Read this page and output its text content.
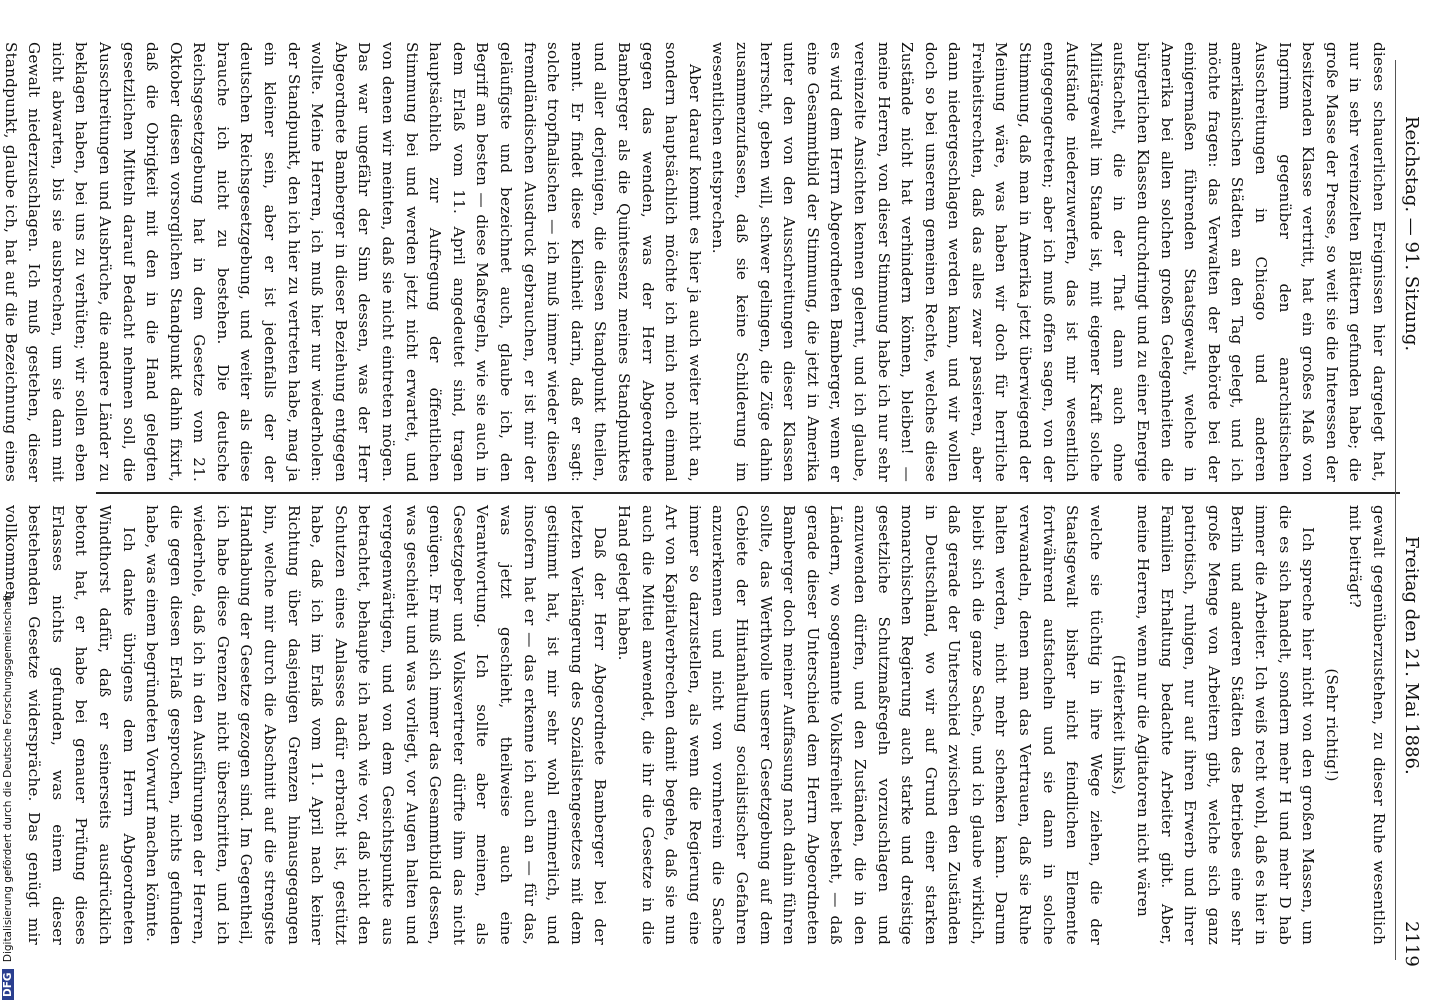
DFG Digitalisierung gefördert durch die Deutsche Forschungsgemeinschaft
Reichstag. — 91. Sitzung.
Freitag den 21. Mai 1886.
2119

dieses schauerlichen Ereignissen hier dargelegt hat, nur in sehr vereinzelten Blättern gefunden habe; die große Masse der Presse, so weit sie die Interessen der besitzenden Klasse vertritt, hat ein großes Maß von Ingrimm gegenüber den anarchistischen Ausschreitungen in Chicago und anderen amerikanischen Städten an den Tag gelegt, und ich möchte fragen: das Verwalten der Behörde bei der einigermaßen führenden Staatsgewalt, welche in Amerika bei allen solchen großen Gelegenheiten die bürgerlichen Klassen durchdringt und zu einer Energie aufstachelt, die in der That dann auch ohne Militärgewalt im Stande ist, mit eigener Kraft solche Aufstände niederzuwerfen, das ist mir wesentlich entgegengetreten; aber ich muß offen sagen, von der Stimmung, daß man in Amerika jetzt überwiegend der Meinung wäre, was haben wir doch für herrliche Freiheitsrechten, daß das alles zwar passieren, aber dann niedergeschlagen werden kann, und wir wollen doch so bei unserem gemeinen Rechte, welches diese Zustände nicht hat verhindern können, bleiben! — meine Herren, von dieser Stimmung habe ich nur sehr vereinzelte Ansichten kennen gelernt, und ich glaube, es wird dem Herrn Abgeordneten Bamberger, wenn er eine Gesammtbild der Stimmung, die jetzt in Amerika unter den von den Ausschreitungen dieser Klassen herrscht, geben will, schwer gelingen, die Züge dahin zusammenzufassen, daß sie keine Schilderung im wesentlichen entsprechen.

Aber darauf kommt es hier ja auch weiter nicht an, sondern hauptsächlich möchte ich mich noch einmal gegen das wenden, was der Herr Abgeordnete Bamberger als die Quintessenz meines Standpunktes und aller derjenigen, die diesen Standpunkt theilen, nennt. Er findet diese Kleinheit darin, daß er sagt: solche tropfhalischen — ich muß immer wieder diesen fremdländischen Ausdruck gebrauchen, er ist mir der geläufigste und bezeichnet auch, glaube ich, den Begriff am besten — diese Maßregeln, wie sie auch in dem Erlaß vom 11. April angedeutet sind, tragen hauptsächlich zur Aufregung der öffentlichen Stimmung bei und werden jetzt nicht erwartet, und von denen wir meinten, daß sie nicht eintreten mögen. Das war ungefähr der Sinn dessen, was der Herr Abgeordnete Bamberger in dieser Beziehung entgegen wollte. Meine Herren, ich muß hier nur wiederholen: der Standpunkt, den ich hier zu vertreten habe, mag ja ein kleiner sein, aber er ist jedenfalls der der deutschen Reichsgesetzgebung, und weiter als diese brauche ich nicht zu bestehen. Die deutsche Reichsgesetzgebung hat in dem Gesetze vom 21. Oktober diesen vorsorglichen Standpunkt dahin fixirt, daß die Obrigkeit mit den in die Hand gelegten gesetzlichen Mitteln darauf Bedacht nehmen soll, die Ausschreitungen und Ausbrüche, die andere Länder zu beklagen haben, bei uns zu verhüten; wir sollen eben nicht abwarten, bis sie ausbrechen, um sie dann mit Gewalt niederzuschlagen. Ich muß gestehen, dieser Standpunkt, glaube ich, hat auf die Bezeichnung eines

gewalt gegenüberzustehen, zu dieser Ruhe wesentlich mit beiträgt?

(Sehr richtig!)

Ich spreche hier nicht von den großen Massen, um die es sich handelt, sondern mehr H und mehr D hab immer die Arbeiter. Ich weiß recht wohl, daß es hier in Berlin und anderen Städten des Betriebes eine sehr große Menge von Arbeitern gibt, welche sich ganz patriotisch, ruhigen, nur auf ihren Erwerb und ihrer Familien Erhaltung bedachte Arbeiter gibt. Aber, meine Herren, wenn nur die Agitatoren nicht wären

(Heiterkeit links),

welche sie tüchtig in ihre Wege ziehen, die der Staatsgewalt bisher nicht feindlichen Elemente fortwährend aufstacheln und sie dann in solche verwandeln, denen man das Vertrauen, daß sie Ruhe halten werden, nicht mehr schenken kann. Darum bleibt sich die ganze Sache, und ich glaube wirklich, daß gerade der Unterschied zwischen den Zuständen in Deutschland, wo wir auf Grund einer starken monarchischen Regierung auch starke und dreistige gesetzliche Schutzmaßregeln vorzuschlagen und anzuwenden dürfen, und den Zuständen, die in den Ländern, wo sogenannte Volksfreiheit besteht, — daß gerade dieser Unterschied dem Herrn Abgeordneten Bamberger doch meiner Auffassung nach dahin führen sollte, das Werthvolle unserer Gesetzgebung auf dem Gebiete der Hintanhaltung socialistischer Gefahren anzuerkennen und nicht von vornherein die Sache immer so darzustellen, als wenn die Regierung eine Art von Kapitalverbrechen damit begehe, daß sie nun auch die Mittel anwendet, die ihr die Gesetze in die Hand gelegt haben.

Daß der Herr Abgeordnete Bamberger bei der letzten Verlängerung des Sozialistengesetzes mit dem gestimmt hat, ist mir sehr wohl erinnerlich, und insofern hat er — das erkenne ich auch an — für das, was jetzt geschieht, theilweise auch eine Verantwortung. Ich sollte aber meinen, als Gesetzgeber und Volksvertreter dürfte ihm das nicht genügen. Er muß sich immer das Gesammtbild dessen, was geschieht und was vorliegt, vor Augen halten und vergegenwärtigen, und von dem Gesichtspunkte aus betrachtet, behaupte ich nach wie vor, daß nicht den Schutzen eines Anlasses dafür erbracht ist, gestützt habe, daß ich im Erlaß vom 11. April nach keiner Richtung über dasjenigen Grenzen hinausgegangen bin, welche mir durch die Abschnitt auf die strengste Handhabung der Gesetze gezogen sind. Im Gegentheil, ich habe diese Grenzen nicht überschritten, und ich wiederhole, daß ich in den Ausführungen der Herren, die gegen diesen Erlaß gesprochen, nichts gefunden habe, was einem begründeten Vorwurf machen könnte.

Ich danke übrigens dem Herrn Abgeordneten Windthorst dafür, daß er seinerseits ausdrücklich betont hat, er habe bei genauer Prüfung dieses Erlasses nichts gefunden, was einem dieser bestehenden Gesetze widerspräche. Das genügt mir vollkommen.
